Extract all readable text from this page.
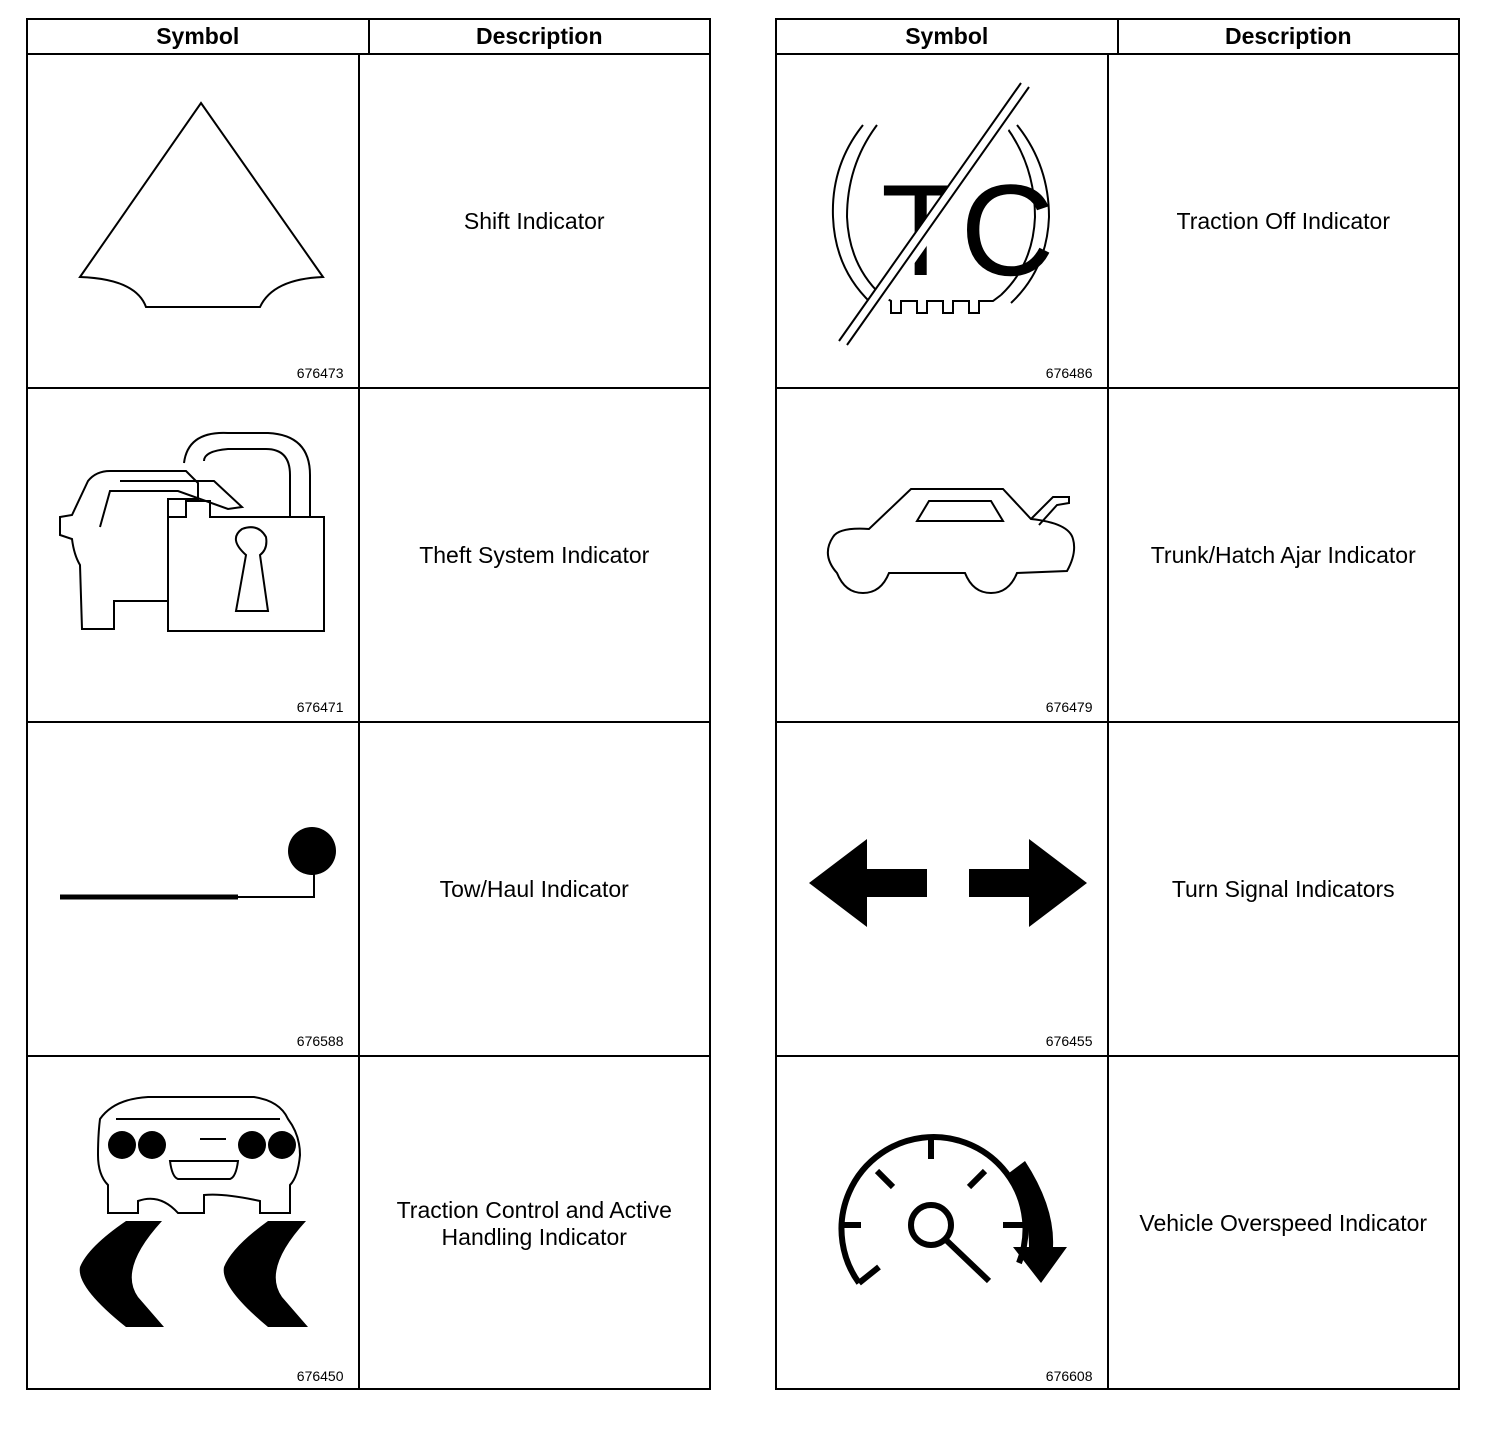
Symbol	Description
676473
Shift Indicator
676471
Theft System Indicator
676588
Tow/Haul Indicator
676450
Traction Control and Active
Handling Indicator
Symbol	Description
TC
676486
Traction Off Indicator
676479
Trunk/Hatch Ajar Indicator
676455
Turn Signal Indicators
676608
Vehicle Overspeed Indicator
